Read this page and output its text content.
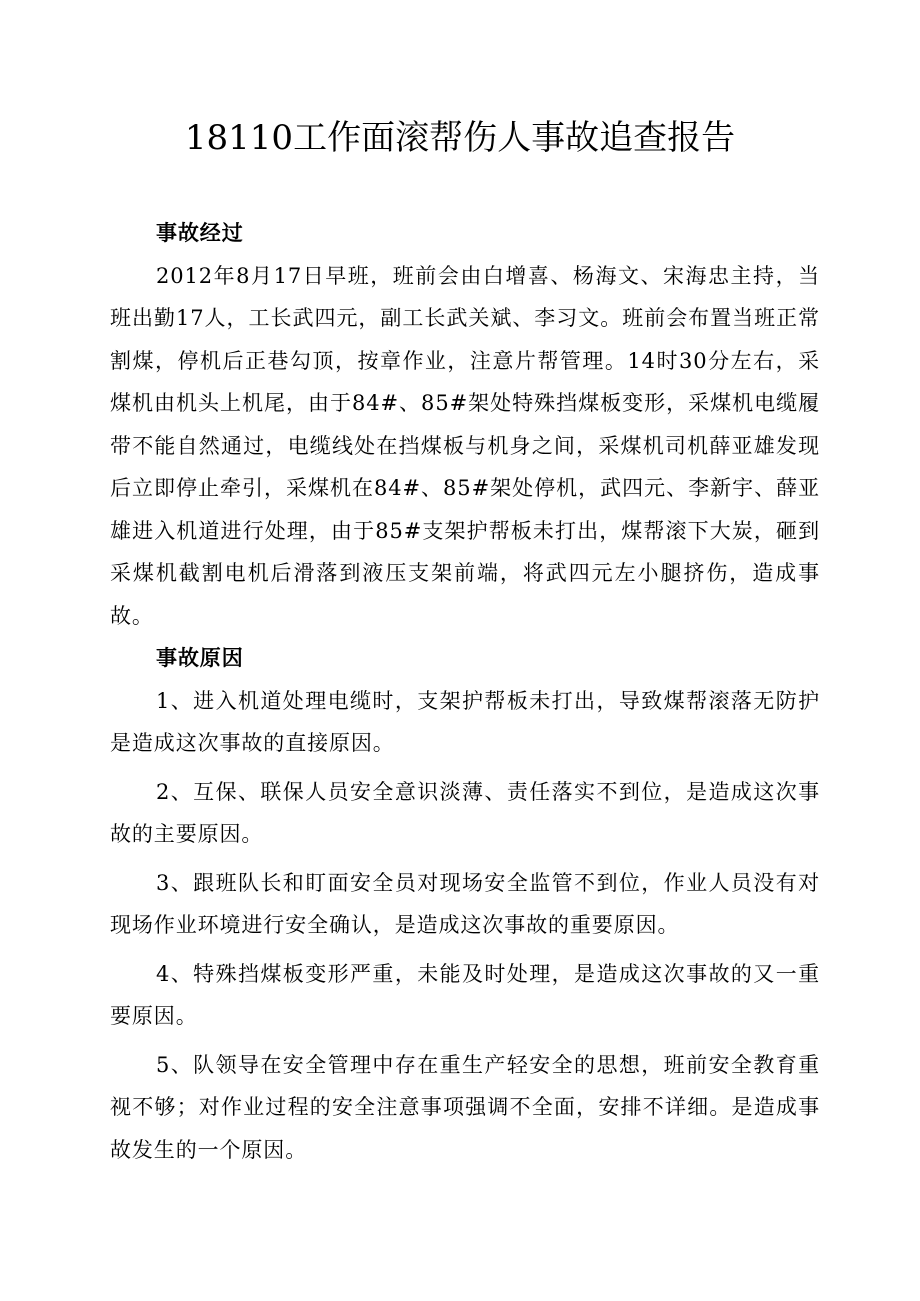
18110工作面滚帮伤人事故追查报告

事故经过

2012年8月17日早班，班前会由白增喜、杨海文、宋海忠主持，当班出勤17人，工长武四元，副工长武关斌、李习文。班前会布置当班正常割煤，停机后正巷勾顶，按章作业，注意片帮管理。14时30分左右，采煤机由机头上机尾，由于84#、85#架处特殊挡煤板变形，采煤机电缆履带不能自然通过，电缆线处在挡煤板与机身之间，采煤机司机薛亚雄发现后立即停止牵引，采煤机在84#、85#架处停机，武四元、李新宇、薛亚雄进入机道进行处理，由于85#支架护帮板未打出，煤帮滚下大炭，砸到采煤机截割电机后滑落到液压支架前端，将武四元左小腿挤伤，造成事故。

事故原因

1、进入机道处理电缆时，支架护帮板未打出，导致煤帮滚落无防护是造成这次事故的直接原因。

2、互保、联保人员安全意识淡薄、责任落实不到位，是造成这次事故的主要原因。

3、跟班队长和盯面安全员对现场安全监管不到位，作业人员没有对现场作业环境进行安全确认，是造成这次事故的重要原因。

4、特殊挡煤板变形严重，未能及时处理，是造成这次事故的又一重要原因。

5、队领导在安全管理中存在重生产轻安全的思想，班前安全教育重视不够；对作业过程的安全注意事项强调不全面，安排不详细。是造成事故发生的一个原因。
